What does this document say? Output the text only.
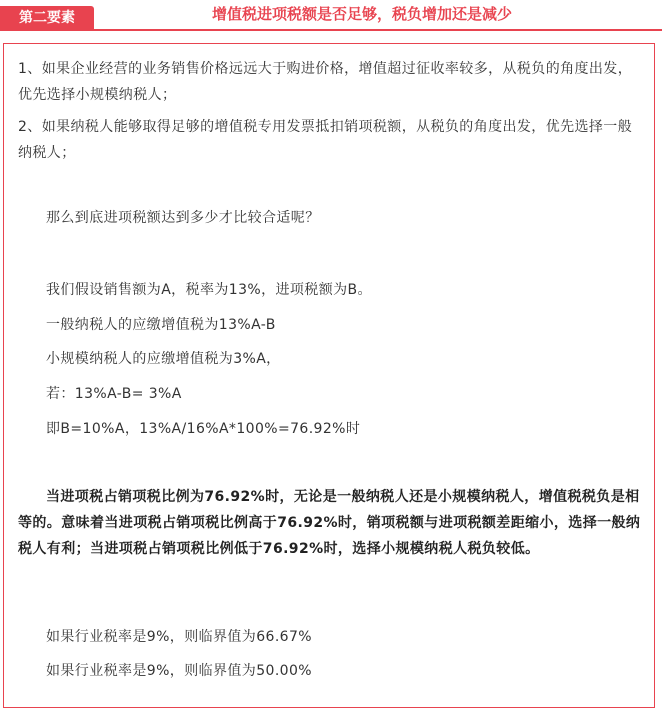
第二要素	增值税进项税额是否足够，税负增加还是减少
1、如果企业经营的业务销售价格远远大于购进价格，增值超过征收率较多，从税负的角度出发，优先选择小规模纳税人；
2、如果纳税人能够取得足够的增值税专用发票抵扣销项税额，从税负的角度出发，优先选择一般纳税人；
那么到底进项税额达到多少才比较合适呢？
我们假设销售额为A，税率为13%，进项税额为B。
一般纳税人的应缴增值税为13%A-B
小规模纳税人的应缴增值税为3%A，
若：13%A-B= 3%A
即B=10%A，13%A/16%A*100%=76.92%时
当进项税占销项税比例为76.92%时，无论是一般纳税人还是小规模纳税人，增值税税负是相等的。意味着当进项税占销项税比例高于76.92%时，销项税额与进项税额差距缩小，选择一般纳税人有利；当进项税占销项税比例低于76.92%时，选择小规模纳税人税负较低。
如果行业税率是9%，则临界值为66.67%
如果行业税率是9%，则临界值为50.00%
